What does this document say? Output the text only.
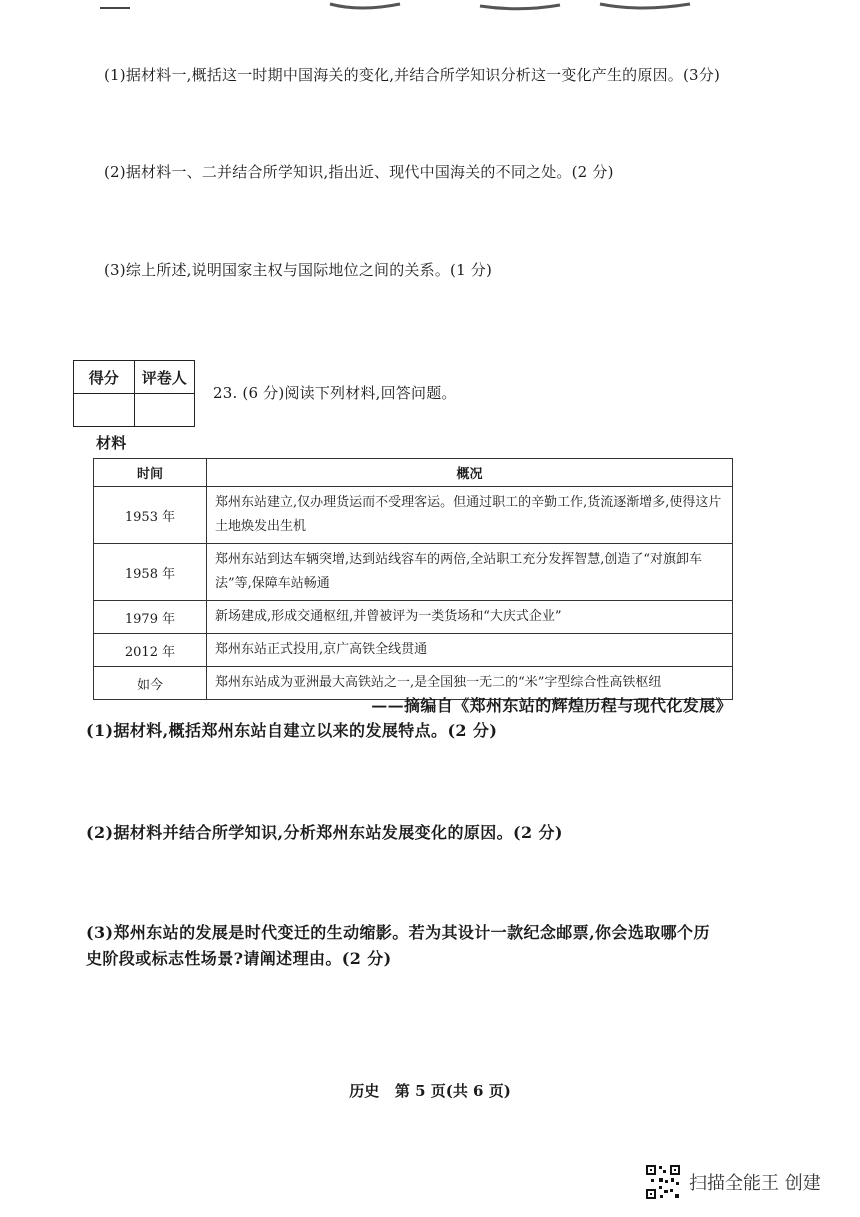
(1)据材料一,概括这一时期中国海关的变化,并结合所学知识分析这一变化产生的原因。(3分)
(2)据材料一、二并结合所学知识,指出近、现代中国海关的不同之处。(2 分)
(3)综上所述,说明国家主权与国际地位之间的关系。(1 分)
得分	评卷人

23. (6 分)阅读下列材料,回答问题。
材料
时间	概况
1953 年	郑州东站建立,仅办理货运而不受理客运。但通过职工的辛勤工作,货流逐渐增多,使得这片土地焕发出生机
1958 年	郑州东站到达车辆突增,达到站线容车的两倍,全站职工充分发挥智慧,创造了“对旗卸车法”等,保障车站畅通
1979 年	新场建成,形成交通枢纽,并曾被评为一类货场和“大庆式企业”
2012 年	郑州东站正式投用,京广高铁全线贯通
如今	郑州东站成为亚洲最大高铁站之一,是全国独一无二的“米”字型综合性高铁枢纽
——摘编自《郑州东站的辉煌历程与现代化发展》
(1)据材料,概括郑州东站自建立以来的发展特点。(2 分)
(2)据材料并结合所学知识,分析郑州东站发展变化的原因。(2 分)
(3)郑州东站的发展是时代变迁的生动缩影。若为其设计一款纪念邮票,你会选取哪个历
史阶段或标志性场景?请阐述理由。(2 分)
历史   第 5 页(共 6 页)
扫描全能王 创建
